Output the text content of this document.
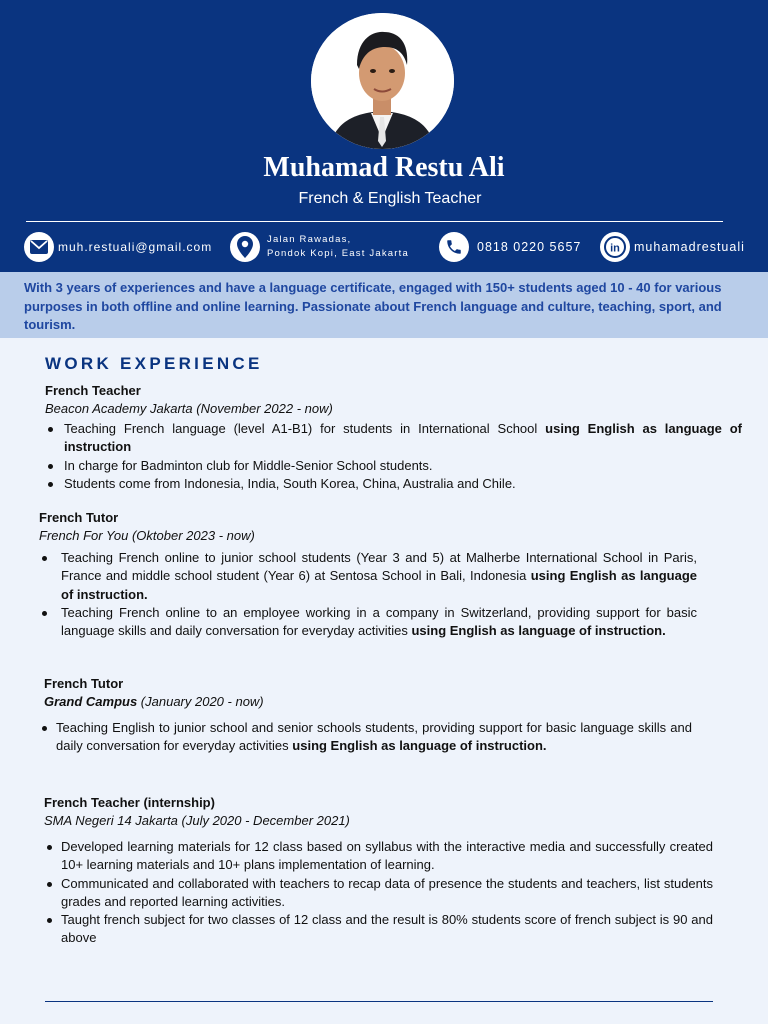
Muhamad Restu Ali
French & English Teacher
muh.restuali@gmail.com
Jalan Rawadas,
Pondok Kopi, East Jakarta	0818 0220 5657	in muhamadrestuali
With 3 years of experiences and have a language certificate, engaged with 150+ students aged 10 - 40 for various purposes in both offline and online learning. Passionate about French language and culture, teaching, sport, and tourism.
WORK EXPERIENCE
French Teacher
Beacon Academy Jakarta (November 2022 - now)
Teaching French language (level A1-B1) for students in International School using English as language of instruction
In charge for Badminton club for Middle-Senior School students.
Students come from Indonesia, India, South Korea, China, Australia and Chile.
French Tutor
French For You (Oktober 2023 - now)
Teaching French online to junior school students (Year 3 and 5) at Malherbe International School in Paris, France and middle school student (Year 6) at Sentosa School in Bali, Indonesia using English as language of instruction.
Teaching French online to an employee working in a company in Switzerland, providing support for basic language skills and daily conversation for everyday activities using English as language of instruction.
French Tutor
Grand Campus (January 2020 - now)
Teaching English to junior school and senior schools students, providing support for basic language skills and daily conversation for everyday activities using English as language of instruction.
French Teacher (internship)
SMA Negeri 14 Jakarta (July 2020 - December 2021)
Developed learning materials for 12 class based on syllabus with the interactive media and successfully created 10+ learning materials and 10+ plans implementation of learning.
Communicated and collaborated with teachers to recap data of presence the students and teachers, list students grades and reported learning activities.
Taught french subject for two classes of 12 class and the result is 80% students score of french subject is 90 and above
